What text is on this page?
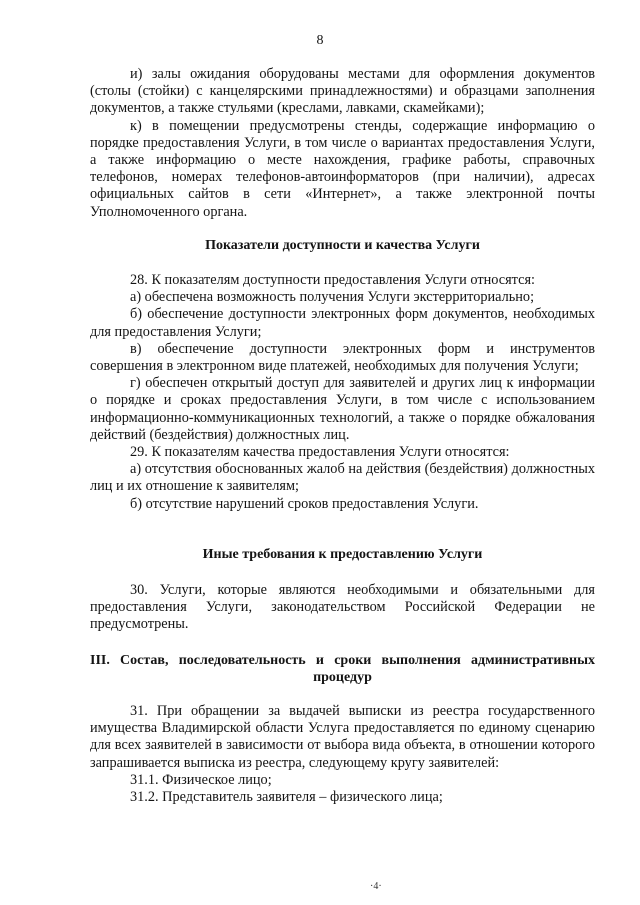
8

и) залы ожидания оборудованы местами для оформления документов (столы (стойки) с канцелярскими принадлежностями) и образцами заполнения документов, а также стульями (креслами, лавками, скамейками);

к) в помещении предусмотрены стенды, содержащие информацию о порядке предоставления Услуги, в том числе о вариантах предоставления Услуги, а также информацию о месте нахождения, графике работы, справочных телефонов, номерах телефонов-автоинформаторов (при наличии), адресах официальных сайтов в сети «Интернет», а также электронной почты Уполномоченного органа.

Показатели доступности и качества Услуги

28. К показателям доступности предоставления Услуги относятся:

а) обеспечена возможность получения Услуги экстерриториально;

б) обеспечение доступности электронных форм документов, необходимых для предоставления Услуги;

в) обеспечение доступности электронных форм и инструментов совершения в электронном виде платежей, необходимых для получения Услуги;

г) обеспечен открытый доступ для заявителей и других лиц к информации о порядке и сроках предоставления Услуги, в том числе с использованием информационно-коммуникационных технологий, а также о порядке обжалования действий (бездействия) должностных лиц.

29. К показателям качества предоставления Услуги относятся:

а) отсутствия обоснованных жалоб на действия (бездействия) должностных лиц и их отношение к заявителям;

б) отсутствие нарушений сроков предоставления Услуги.

Иные требования к предоставлению Услуги

30. Услуги, которые являются необходимыми и обязательными для предоставления Услуги, законодательством Российской Федерации не предусмотрены.

III. Состав, последовательность и сроки выполнения административных

процедур

31. При обращении за выдачей выписки из реестра государственного имущества Владимирской области Услуга предоставляется по единому сценарию для всех заявителей в зависимости от выбора вида объекта, в отношении которого запрашивается выписка из реестра, следующему кругу заявителей:

31.1. Физическое лицо;

31.2. Представитель заявителя – физического лица;

·4·
